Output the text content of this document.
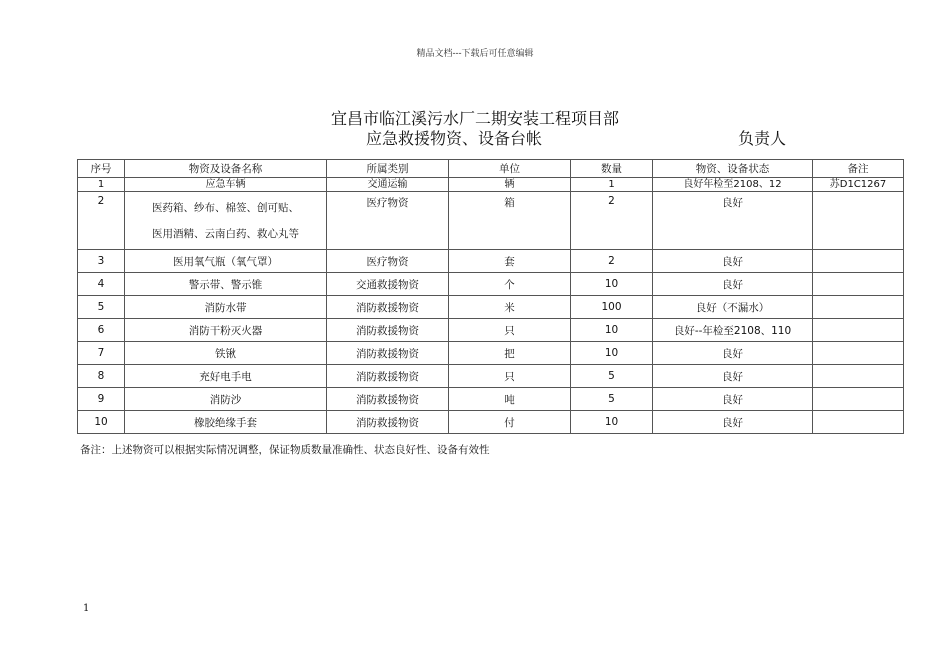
精品文档---下载后可任意编辑
宜昌市临江溪污水厂二期安装工程项目部
应急救援物资、设备台帐	负责人
序号	物资及设备名称	所属类别	单位	数量	物资、设备状态	备注
1	应急车辆	交通运输	辆	1	良好年检至2108、12	苏D1C1267
2	医药箱、纱布、棉签、创可贴、
医用酒精、云南白药、救心丸等	医疗物资	箱	2	良好	
3	医用氧气瓶（氧气罩）	医疗物资	套	2	良好	
4	警示带、警示锥	交通救援物资	个	10	良好	
5	消防水带	消防救援物资	米	100	良好（不漏水）	
6	消防干粉灭火器	消防救援物资	只	10	良好--年检至2108、110	
7	铁锹	消防救援物资	把	10	良好	
8	充好电手电	消防救援物资	只	5	良好	
9	消防沙	消防救援物资	吨	5	良好	
10	橡胶绝缘手套	消防救援物资	付	10	良好	
备注：上述物资可以根据实际情况调整，保证物质数量准确性、状态良好性、设备有效性
1
